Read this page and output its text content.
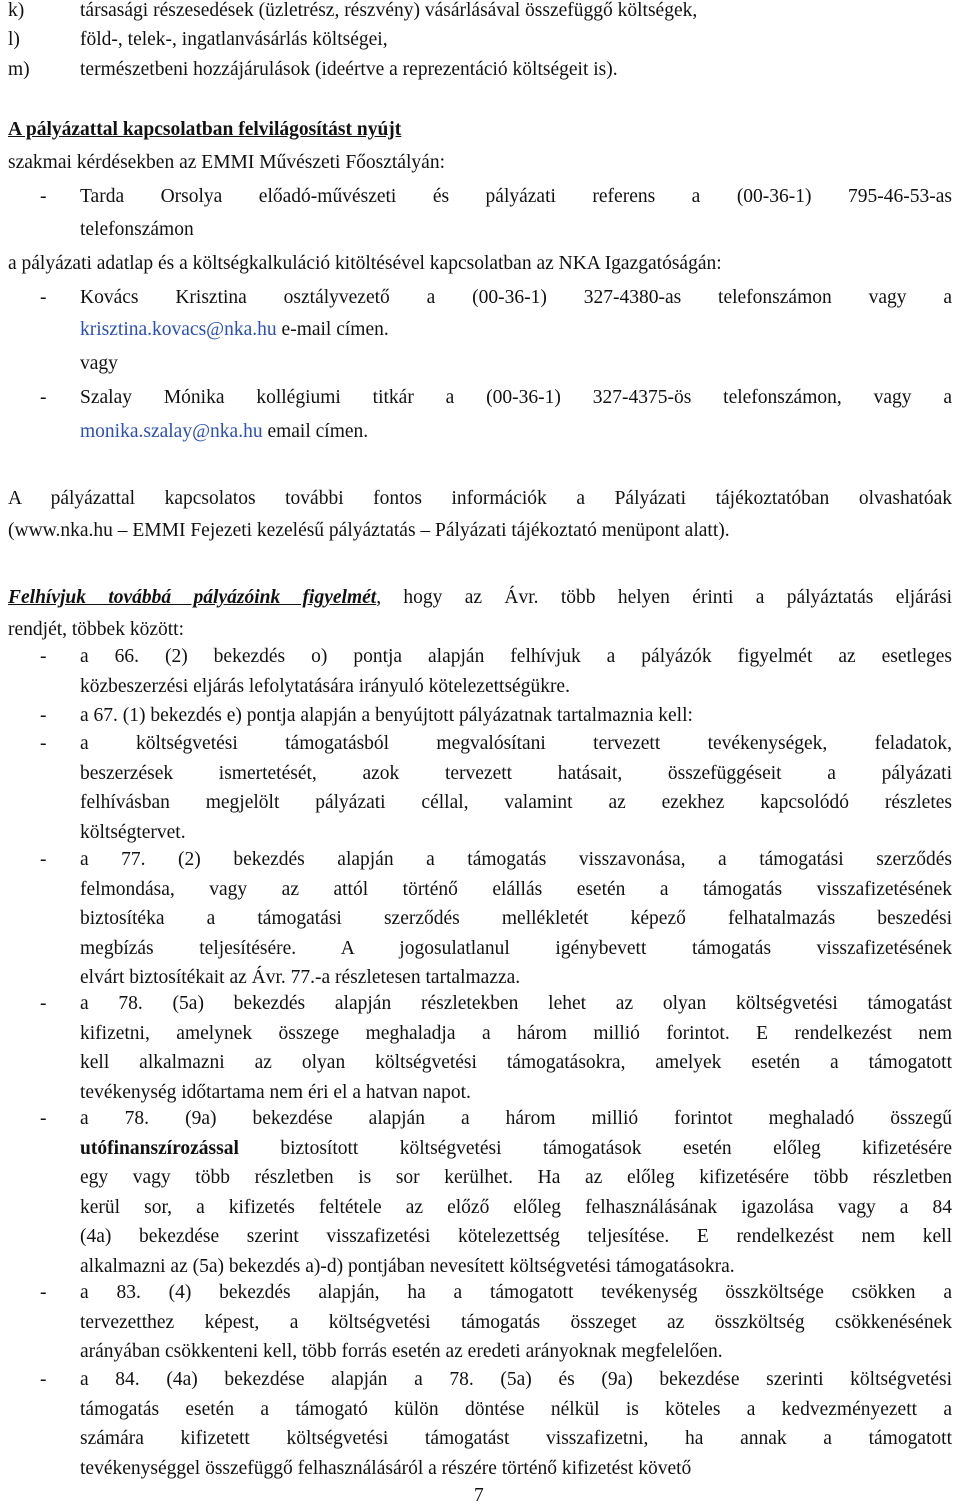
k)	társasági részesedések (üzletrész, részvény) vásárlásával összefüggő költségek,
l)	föld-, telek-, ingatlanvásárlás költségei,
m)	természetbeni hozzájárulások (ideértve a reprezentáció költségeit is).
A pályázattal kapcsolatban felvilágosítást nyújt
szakmai kérdésekben az EMMI Művészeti Főosztályán:
- Tarda Orsolya előadó-művészeti és pályázati referens a (00-36-1) 795-46-53-as
telefonszámon
a pályázati adatlap és a költségkalkuláció kitöltésével kapcsolatban az NKA Igazgatóságán:
- Kovács Krisztina osztályvezető a (00-36-1) 327-4380-as telefonszámon vagy a
krisztina.kovacs@nka.hu e-mail címen.
vagy
- Szalay Mónika kollégiumi titkár a (00-36-1) 327-4375-ös telefonszámon, vagy a
monika.szalay@nka.hu email címen.
A pályázattal kapcsolatos további fontos információk a Pályázati tájékoztatóban olvashatóak
(www.nka.hu – EMMI Fejezeti kezelésű pályáztatás – Pályázati tájékoztató menüpont alatt).
Felhívjuk továbbá pályázóink figyelmét, hogy az Ávr. több helyen érinti a pályáztatás eljárási
rendjét, többek között:
- a 66. (2) bekezdés o) pontja alapján felhívjuk a pályázók figyelmét az esetleges
közbeszerzési eljárás lefolytatására irányuló kötelezettségükre.
- a 67. (1) bekezdés e) pontja alapján a benyújtott pályázatnak tartalmaznia kell:
- a költségvetési támogatásból megvalósítani tervezett tevékenységek, feladatok,
beszerzések ismertetését, azok tervezett hatásait, összefüggéseit a pályázati
felhívásban megjelölt pályázati céllal, valamint az ezekhez kapcsolódó részletes
költségtervet.
- a 77. (2) bekezdés alapján a támogatás visszavonása, a támogatási szerződés
felmondása, vagy az attól történő elállás esetén a támogatás visszafizetésének
biztosítéka a támogatási szerződés mellékletét képező felhatalmazás beszedési
megbízás teljesítésére. A jogosulatlanul igénybevett támogatás visszafizetésének
elvárt biztosítékait az Ávr. 77.-a részletesen tartalmazza.
- a 78. (5a) bekezdés alapján részletekben lehet az olyan költségvetési támogatást
kifizetni, amelynek összege meghaladja a három millió forintot. E rendelkezést nem
kell alkalmazni az olyan költségvetési támogatásokra, amelyek esetén a támogatott
tevékenység időtartama nem éri el a hatvan napot.
- a 78. (9a) bekezdése alapján a három millió forintot meghaladó összegű
utófinanszírozással biztosított költségvetési támogatások esetén előleg kifizetésére
egy vagy több részletben is sor kerülhet. Ha az előleg kifizetésére több részletben
kerül sor, a kifizetés feltétele az előző előleg felhasználásának igazolása vagy a 84
(4a) bekezdése szerint visszafizetési kötelezettség teljesítése. E rendelkezést nem kell
alkalmazni az (5a) bekezdés a)-d) pontjában nevesített költségvetési támogatásokra.
- a 83. (4) bekezdés alapján, ha a támogatott tevékenység összköltsége csökken a
tervezetthez képest, a költségvetési támogatás összeget az összköltség csökkenésének
arányában csökkenteni kell, több forrás esetén az eredeti arányoknak megfelelően.
- a 84. (4a) bekezdése alapján a 78. (5a) és (9a) bekezdése szerinti költségvetési
támogatás esetén a támogató külön döntése nélkül is köteles a kedvezményezett a
számára kifizetett költségvetési támogatást visszafizetni, ha annak a támogatott
tevékenységgel összefüggő felhasználásáról a részére történő kifizetést követő
7
